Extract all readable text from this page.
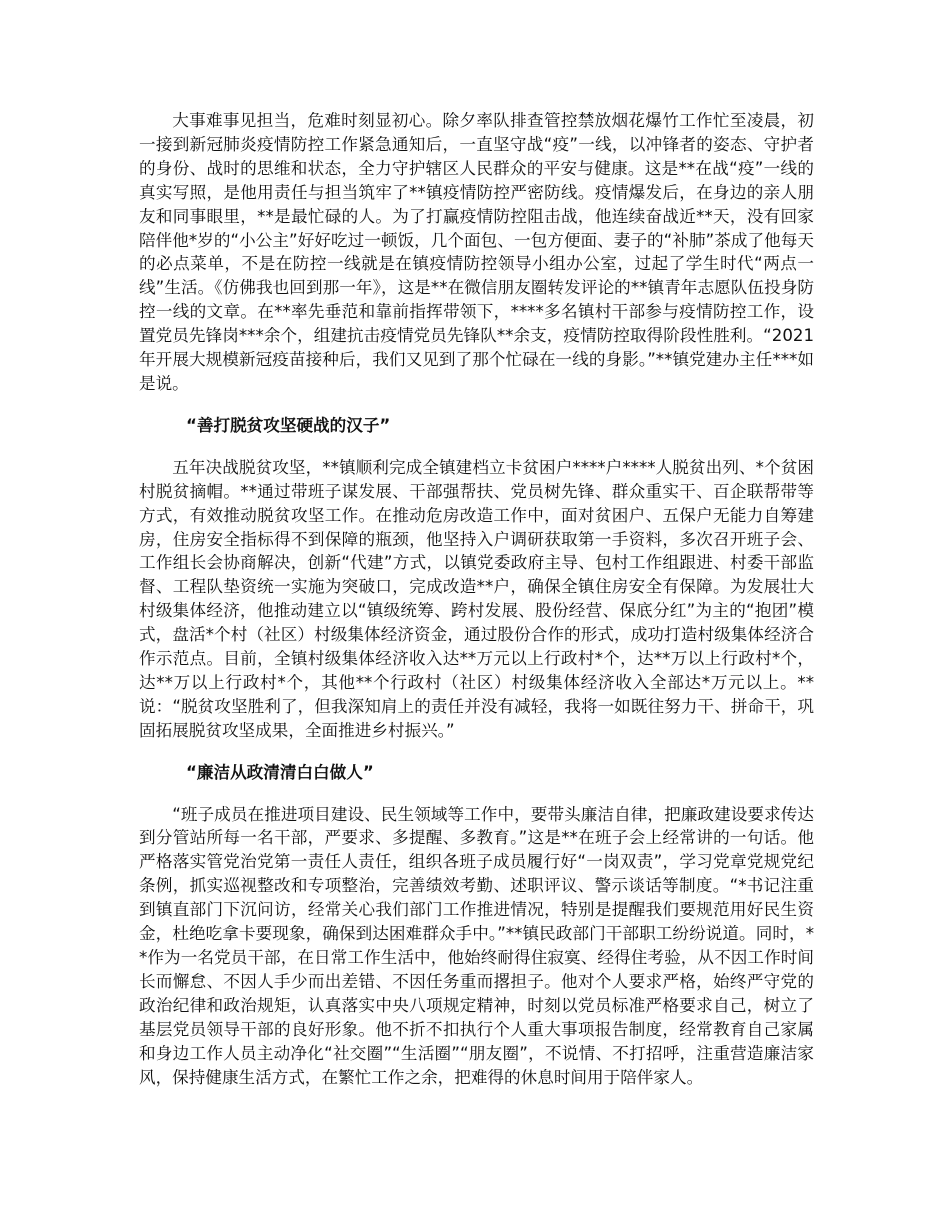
大事难事见担当，危难时刻显初心。除夕率队排查管控禁放烟花爆竹工作忙至凌晨，初一接到新冠肺炎疫情防控工作紧急通知后，一直坚守战“疫”一线，以冲锋者的姿态、守护者的身份、战时的思维和状态，全力守护辖区人民群众的平安与健康。这是**在战“疫”一线的真实写照，是他用责任与担当筑牢了**镇疫情防控严密防线。疫情爆发后，在身边的亲人朋友和同事眼里，**是最忙碌的人。为了打赢疫情防控阻击战，他连续奋战近**天，没有回家陪伴他*岁的“小公主”好好吃过一顿饭，几个面包、一包方便面、妻子的“补肺”茶成了他每天的必点菜单，不是在防控一线就是在镇疫情防控领导小组办公室，过起了学生时代“两点一线”生活。《仿佛我也回到那一年》，这是**在微信朋友圈转发评论的**镇青年志愿队伍投身防控一线的文章。在**率先垂范和靠前指挥带领下，****多名镇村干部参与疫情防控工作，设置党员先锋岗***余个，组建抗击疫情党员先锋队**余支，疫情防控取得阶段性胜利。“2021 年开展大规模新冠疫苗接种后，我们又见到了那个忙碌在一线的身影。”**镇党建办主任***如是说。

“善打脱贫攻坚硬战的汉子”

五年决战脱贫攻坚，**镇顺利完成全镇建档立卡贫困户****户****人脱贫出列、*个贫困村脱贫摘帽。**通过带班子谋发展、干部强帮扶、党员树先锋、群众重实干、百企联帮带等方式，有效推动脱贫攻坚工作。在推动危房改造工作中，面对贫困户、五保户无能力自筹建房，住房安全指标得不到保障的瓶颈，他坚持入户调研获取第一手资料，多次召开班子会、工作组长会协商解决，创新“代建”方式，以镇党委政府主导、包村工作组跟进、村委干部监督、工程队垫资统一实施为突破口，完成改造**户，确保全镇住房安全有保障。为发展壮大村级集体经济，他推动建立以“镇级统筹、跨村发展、股份经营、保底分红”为主的“抱团”模式，盘活*个村（社区）村级集体经济资金，通过股份合作的形式，成功打造村级集体经济合作示范点。目前，全镇村级集体经济收入达**万元以上行政村*个，达**万以上行政村*个，达**万以上行政村*个，其他**个行政村（社区）村级集体经济收入全部达*万元以上。**说：“脱贫攻坚胜利了，但我深知肩上的责任并没有减轻，我将一如既往努力干、拼命干，巩固拓展脱贫攻坚成果，全面推进乡村振兴。”

“廉洁从政清清白白做人”

“班子成员在推进项目建设、民生领域等工作中，要带头廉洁自律，把廉政建设要求传达到分管站所每一名干部，严要求、多提醒、多教育。”这是**在班子会上经常讲的一句话。他严格落实管党治党第一责任人责任，组织各班子成员履行好“一岗双责”，学习党章党规党纪条例，抓实巡视整改和专项整治，完善绩效考勤、述职评议、警示谈话等制度。“*书记注重到镇直部门下沉问访，经常关心我们部门工作推进情况，特别是提醒我们要规范用好民生资金，杜绝吃拿卡要现象，确保到达困难群众手中。”**镇民政部门干部职工纷纷说道。同时，**作为一名党员干部，在日常工作生活中，他始终耐得住寂寞、经得住考验，从不因工作时间长而懈怠、不因人手少而出差错、不因任务重而撂担子。他对个人要求严格，始终严守党的政治纪律和政治规矩，认真落实中央八项规定精神，时刻以党员标准严格要求自己，树立了基层党员领导干部的良好形象。他不折不扣执行个人重大事项报告制度，经常教育自己家属和身边工作人员主动净化“社交圈”“生活圈”“朋友圈”，不说情、不打招呼，注重营造廉洁家风，保持健康生活方式，在繁忙工作之余，把难得的休息时间用于陪伴家人。
